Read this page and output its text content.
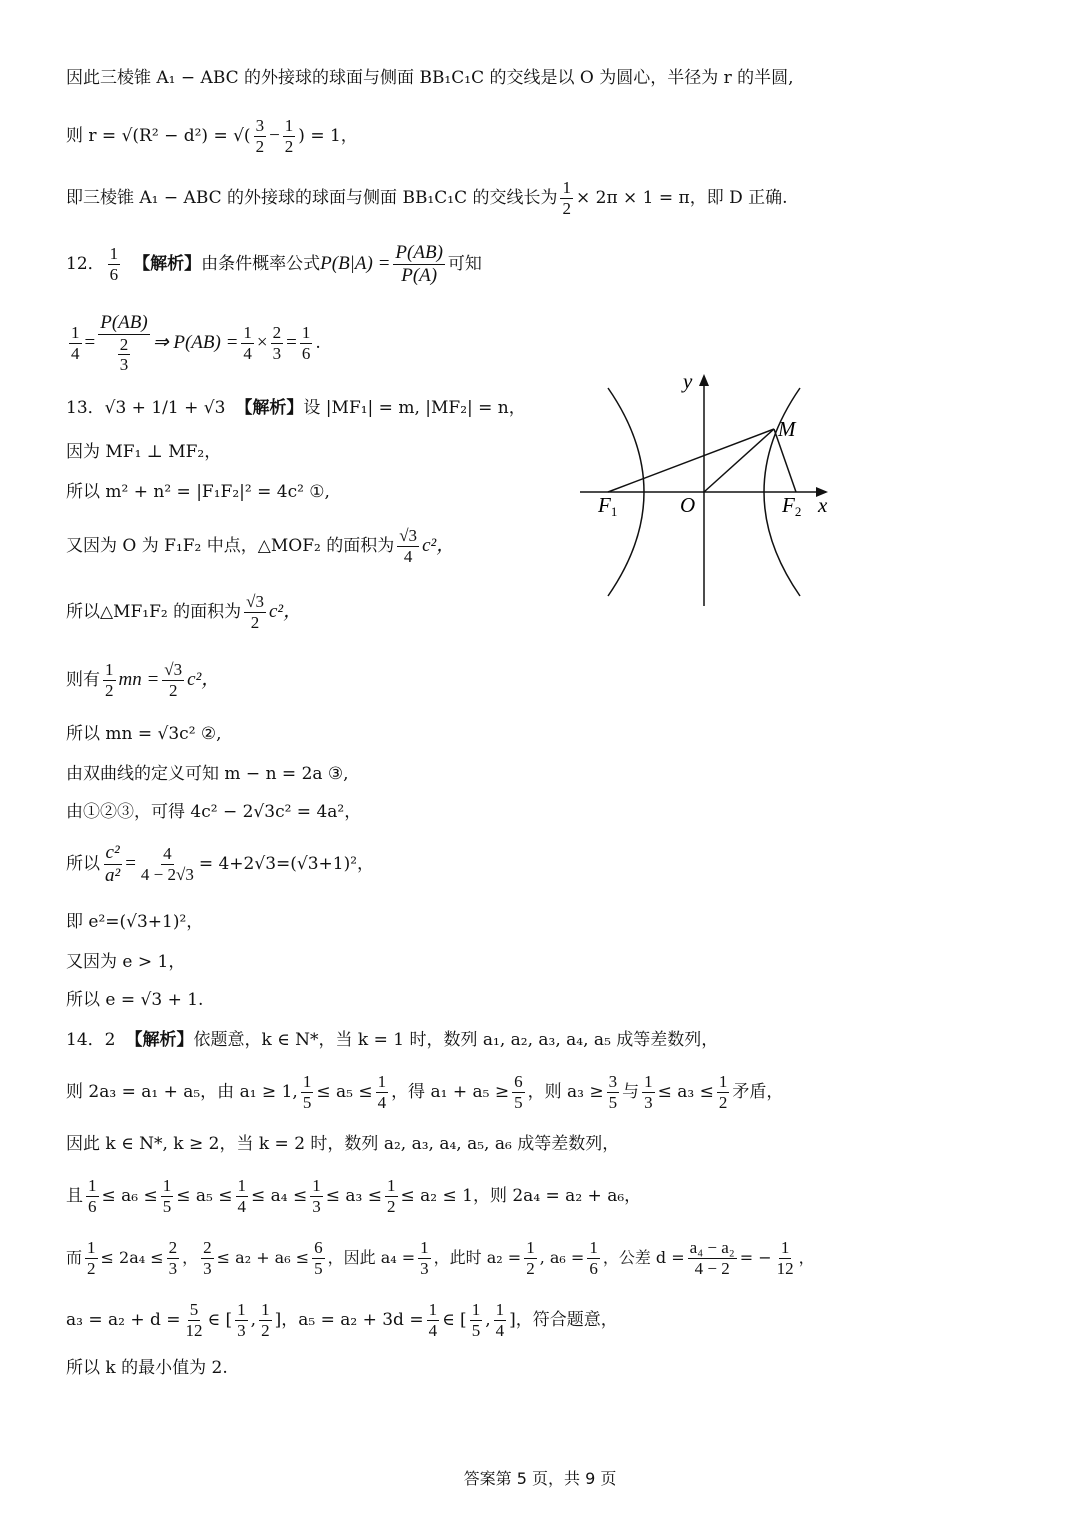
因此三棱锥 A₁ − ABC 的外接球的球面与侧面 BB₁C₁C 的交线是以 O 为圆心，半径为 r 的半圆,
则 r = √(R² − d²) = √( $\frac{3}{2} - \frac{1}{2}$ ) = 1，
即三棱锥 A₁ − ABC 的外接球的球面与侧面 BB₁C₁C 的交线长为 $\frac{1}{2} \times 2\pi \times 1 = \pi$，即 D 正确.
12． $\frac{1}{6}$ 【解析】 由条件概率公式 $P(B|A) = \frac{P(AB)}{P(A)}$ 可知
$\frac{1}{4} = \frac{P(AB)}{\frac{2}{3}}$ ⇒ $P(AB) = \frac{1}{4} \times \frac{2}{3} = \frac{1}{6}$ .
13．√3 + 1/1 + √3 【解析】 设 |MF₁| = m, |MF₂| = n，
因为 MF₁ ⊥ MF₂，
所以 m² + n² = |F₁F₂|² = 4c² ①,
又因为 O 为 F₁F₂ 中点，△MOF₂ 的面积为 $\frac{√3}{4} c^2$，
所以△MF₁F₂ 的面积为 $\frac{√3}{2} c^2$，
则有 $\frac{1}{2}$ mn = $\frac{√3}{2} c^2$，
所以 mn = √3c² ②,
由双曲线的定义可知 m − n = 2a ③,
由①②③，可得 4c² − 2√3c² = 4a²，
所以 $\frac{\text{c²}}{\text{a²}} = \frac{4}{4 - 2√3} = 4+2√3=(√3+1)^2$，
即 e²=(√3+1)²，
又因为 e > 1，
所以 e = √3 + 1.
14．2 【解析】 依题意，k ∈ N*，当 k = 1 时，数列 a₁, a₂, a₃, a₄, a₅ 成等差数列，
则 2a₃ = a₁ + a₅，由 a₁ ≥ 1, $\frac{1}{5} \le a_5 \le \frac{1}{4}$ ，得 $a_1 + a_5 \ge \frac{6}{5}$ ，则 $a_3 \ge \frac{3}{5}$ 与 $\frac{1}{3} \le a_3 \le \frac{1}{2}$ 矛盾，
因此 k ∈ N*, k ≥ 2，当 k = 2 时，数列 a₂, a₃, a₄, a₅, a₆ 成等差数列，
且 $\frac{1}{6} \le a_6 \le \frac{1}{5} \le a_5 \le \frac{1}{4} \le a_4 \le \frac{1}{3} \le a_3 \le \frac{1}{2} \le a_2 \le 1$，则 2a₄ = a₂ + a₆，
而 $\frac{1}{2} \le 2a_4 \le \frac{2}{3}$ ， $\frac{2}{3} \le a_2 + a_6 \le \frac{6}{5}$ ，因此 $a_4 = \frac{1}{3}$ ，此时 $a_2 = \frac{1}{2}$ , $a_6 = \frac{1}{6}$ ，公差 $d = \frac{\text{a₄ − a₂}}{4 - 2}$ = − $\frac{1}{12}$ ，
$a_3 = a_2 + d = \frac{5}{12}$ ∈ [ $\frac{1}{3}$ , $\frac{1}{2}$ ]，$a_5 = a_2 + 3d = \frac{1}{4}$ ∈ [ $\frac{1}{5}$ , $\frac{1}{4}$ ]，符合题意，
所以 k 的最小值为 2.
y
x
M
O
F1	F2
答案第 5 页，共 9 页
